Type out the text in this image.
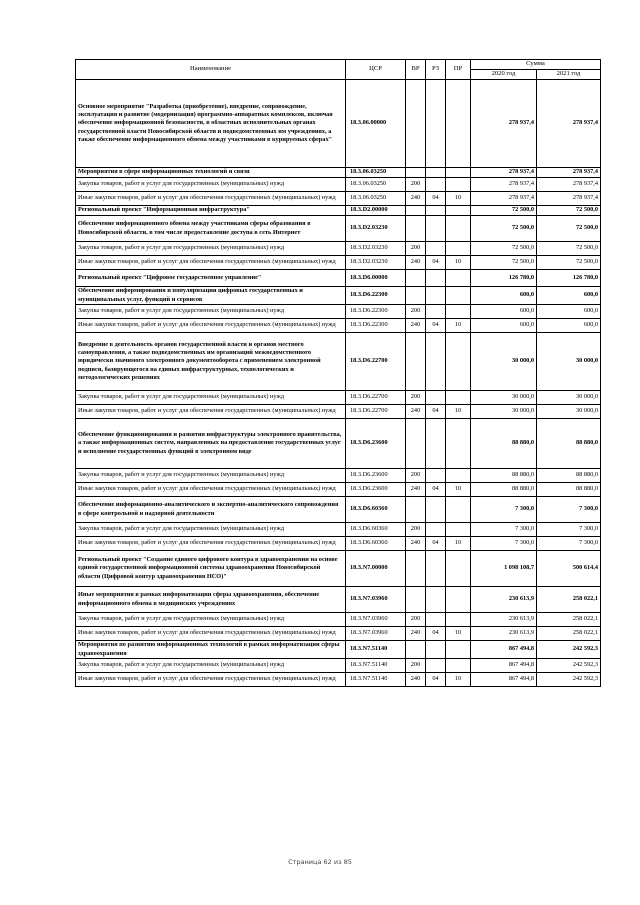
Наименование	ЦСР	ВР	РЗ	ПР	Сумма	
					2020 год	2021 год
Основное мероприятие "Разработка (приобретение), внедрение, сопровождение, эксплуатация и развитие (модернизация) программно-аппаратных комплексов, включая обеспечение информационной безопасности, в областных исполнительных органах государственной власти Новосибирской области и подведомственных им учреждениях, а также обеспечение информационного обмена между участниками в курируемых сферах"	18.3.06.00000				278 937,4	278 937,4
Мероприятия в сфере информационных технологий и связи	18.3.06.03250				278 937,4	278 937,4
Закупка товаров, работ и услуг для государственных (муниципальных) нужд	18.3.06.03250	200			278 937,4	278 937,4
Иные закупки товаров, работ и услуг для обеспечения государственных (муниципальных) нужд	18.3.06.03250	240	04	10	278 937,4	278 937,4
Региональный проект "Информационная инфраструктура"	18.3.D2.00000				72 500,0	72 500,0
Обеспечение информационного обмена между участниками сферы образования в Новосибирской области, в том числе предоставление доступа в сеть Интернет	18.3.D2.03230				72 500,0	72 500,0
Закупка товаров, работ и услуг для государственных (муниципальных) нужд	18.3.D2.03230	200			72 500,0	72 500,0
Иные закупки товаров, работ и услуг для обеспечения государственных (муниципальных) нужд	18.3.D2.03230	240	04	10	72 500,0	72 500,0
Региональный проект "Цифровое государственное управление"	18.3.D6.00000				126 780,0	126 780,0
Обеспечение информирования и популяризации цифровых государственных и муниципальных услуг, функций и сервисов	18.3.D6.22300				600,0	600,0
Закупка товаров, работ и услуг для государственных (муниципальных) нужд	18.3.D6.22300	200			600,0	600,0
Иные закупки товаров, работ и услуг для обеспечения государственных (муниципальных) нужд	18.3.D6.22300	240	04	10	600,0	600,0
Внедрение в деятельность органов государственной власти и органов местного самоуправления, а также подведомственных им организаций межведомственного юридически значимого электронного документооборота с применением электронной подписи, базирующегося на единых инфраструктурных, технологических и методологических решениях	18.3.D6.22700				30 000,0	30 000,0
Закупка товаров, работ и услуг для государственных (муниципальных) нужд	18.3.D6.22700	200			30 000,0	30 000,0
Иные закупки товаров, работ и услуг для обеспечения государственных (муниципальных) нужд	18.3.D6.22700	240	04	10	30 000,0	30 000,0
Обеспечение функционирования и развития инфраструктуры электронного правительства, а также информационных систем, направленных на предоставление государственных услуг и исполнение государственных функций в электронном виде	18.3.D6.23600				88 880,0	88 880,0
Закупка товаров, работ и услуг для государственных (муниципальных) нужд	18.3.D6.23600	200			88 880,0	88 880,0
Иные закупки товаров, работ и услуг для обеспечения государственных (муниципальных) нужд	18.3.D6.23600	240	04	10	88 880,0	88 880,0
Обеспечение информационно-аналитического и экспертно-аналитического сопровождения в сфере контрольной и надзорной деятельности	18.3.D6.60360				7 300,0	7 300,0
Закупка товаров, работ и услуг для государственных (муниципальных) нужд	18.3.D6.60360	200			7 300,0	7 300,0
Иные закупки товаров, работ и услуг для обеспечения государственных (муниципальных) нужд	18.3.D6.60360	240	04	10	7 300,0	7 300,0
Региональный проект "Создание единого цифрового контура в здравоохранении на основе единой государственной информационной системы здравоохранения Новосибирской области (Цифровой контур здравоохранения НСО)"	18.3.N7.00000				1 098 108,7	500 614,4
Иные мероприятия в рамках информатизации сферы здравоохранения, обеспечение информационного обмена в медицинских учреждениях	18.3.N7.03960				230 613,9	258 022,1
Закупка товаров, работ и услуг для государственных (муниципальных) нужд	18.3.N7.03960	200			230 613,9	258 022,1
Иные закупки товаров, работ и услуг для обеспечения государственных (муниципальных) нужд	18.3.N7.03960	240	04	10	230 613,9	258 022,1
Мероприятия по развитию информационных технологий в рамках информатизации сферы здравоохранения	18.3.N7.51140				867 494,8	242 592,3
Закупка товаров, работ и услуг для государственных (муниципальных) нужд	18.3.N7.51140	200			867 494,8	242 592,3
Иные закупки товаров, работ и услуг для обеспечения государственных (муниципальных) нужд	18.3.N7.51140	240	04	10	867 494,8	242 592,3
Страница 62 из 85
